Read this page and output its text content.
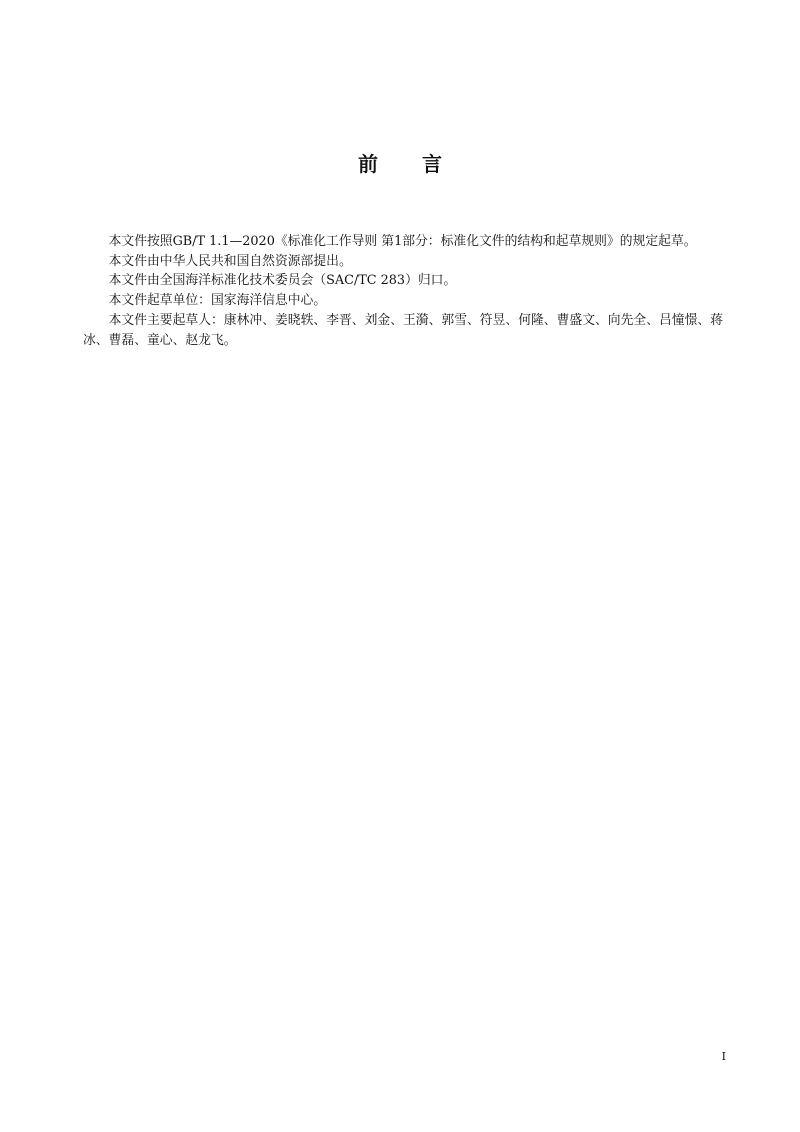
前言

本文件按照GB/T 1.1—2020《标准化工作导则 第1部分：标准化文件的结构和起草规则》的规定起草。

本文件由中华人民共和国自然资源部提出。

本文件由全国海洋标准化技术委员会（SAC/TC 283）归口。

本文件起草单位：国家海洋信息中心。

本文件主要起草人：康林冲、姜晓轶、李晋、刘金、王漪、郭雪、符昱、何隆、曹盛文、向先全、吕憧憬、蒋冰、曹磊、童心、赵龙飞。

I
